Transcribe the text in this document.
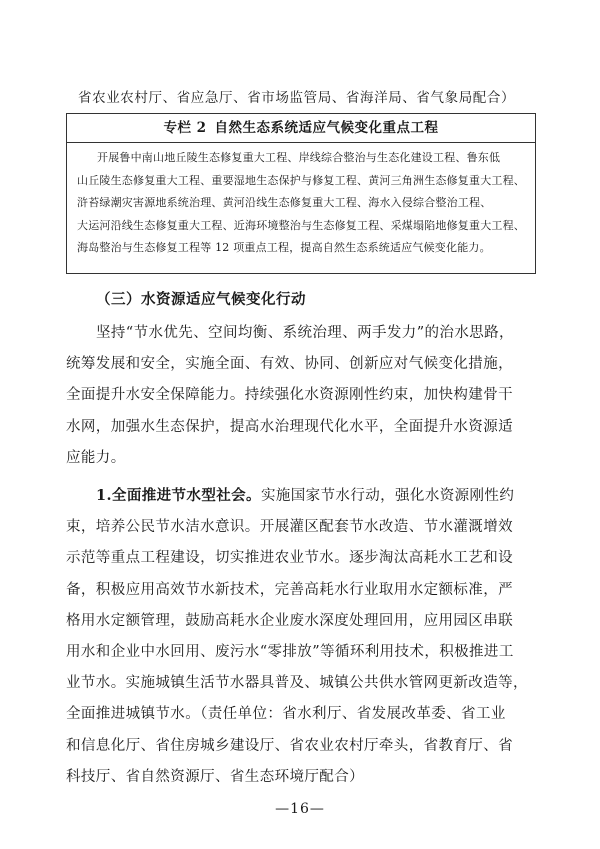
省农业农村厅、省应急厅、省市场监管局、省海洋局、省气象局配合）
专栏 2 自然生态系统适应气候变化重点工程
开展鲁中南山地丘陵生态修复重大工程、岸线综合整治与生态化建设工程、鲁东低
山丘陵生态修复重大工程、重要湿地生态保护与修复工程、黄河三角洲生态修复重大工程、
浒苔绿潮灾害源地系统治理、黄河沿线生态修复重大工程、海水入侵综合整治工程、
大运河沿线生态修复重大工程、近海环境整治与生态修复工程、采煤塌陷地修复重大工程、
海岛整治与生态修复工程等 12 项重点工程，提高自然生态系统适应气候变化能力。
（三）水资源适应气候变化行动
坚持“节水优先、空间均衡、系统治理、两手发力”的治水思路，
统筹发展和安全，实施全面、有效、协同、创新应对气候变化措施，
全面提升水安全保障能力。持续强化水资源刚性约束，加快构建骨干
水网，加强水生态保护，提高水治理现代化水平，全面提升水资源适
应能力。
1.全面推进节水型社会。实施国家节水行动，强化水资源刚性约
束，培养公民节水洁水意识。开展灌区配套节水改造、节水灌溉增效
示范等重点工程建设，切实推进农业节水。逐步淘汰高耗水工艺和设
备，积极应用高效节水新技术，完善高耗水行业取用水定额标准，严
格用水定额管理，鼓励高耗水企业废水深度处理回用，应用园区串联
用水和企业中水回用、废污水“零排放”等循环利用技术，积极推进工
业节水。实施城镇生活节水器具普及、城镇公共供水管网更新改造等，
全面推进城镇节水。（责任单位：省水利厅、省发展改革委、省工业
和信息化厅、省住房城乡建设厅、省农业农村厅牵头，省教育厅、省
科技厅、省自然资源厅、省生态环境厅配合）
—16—
